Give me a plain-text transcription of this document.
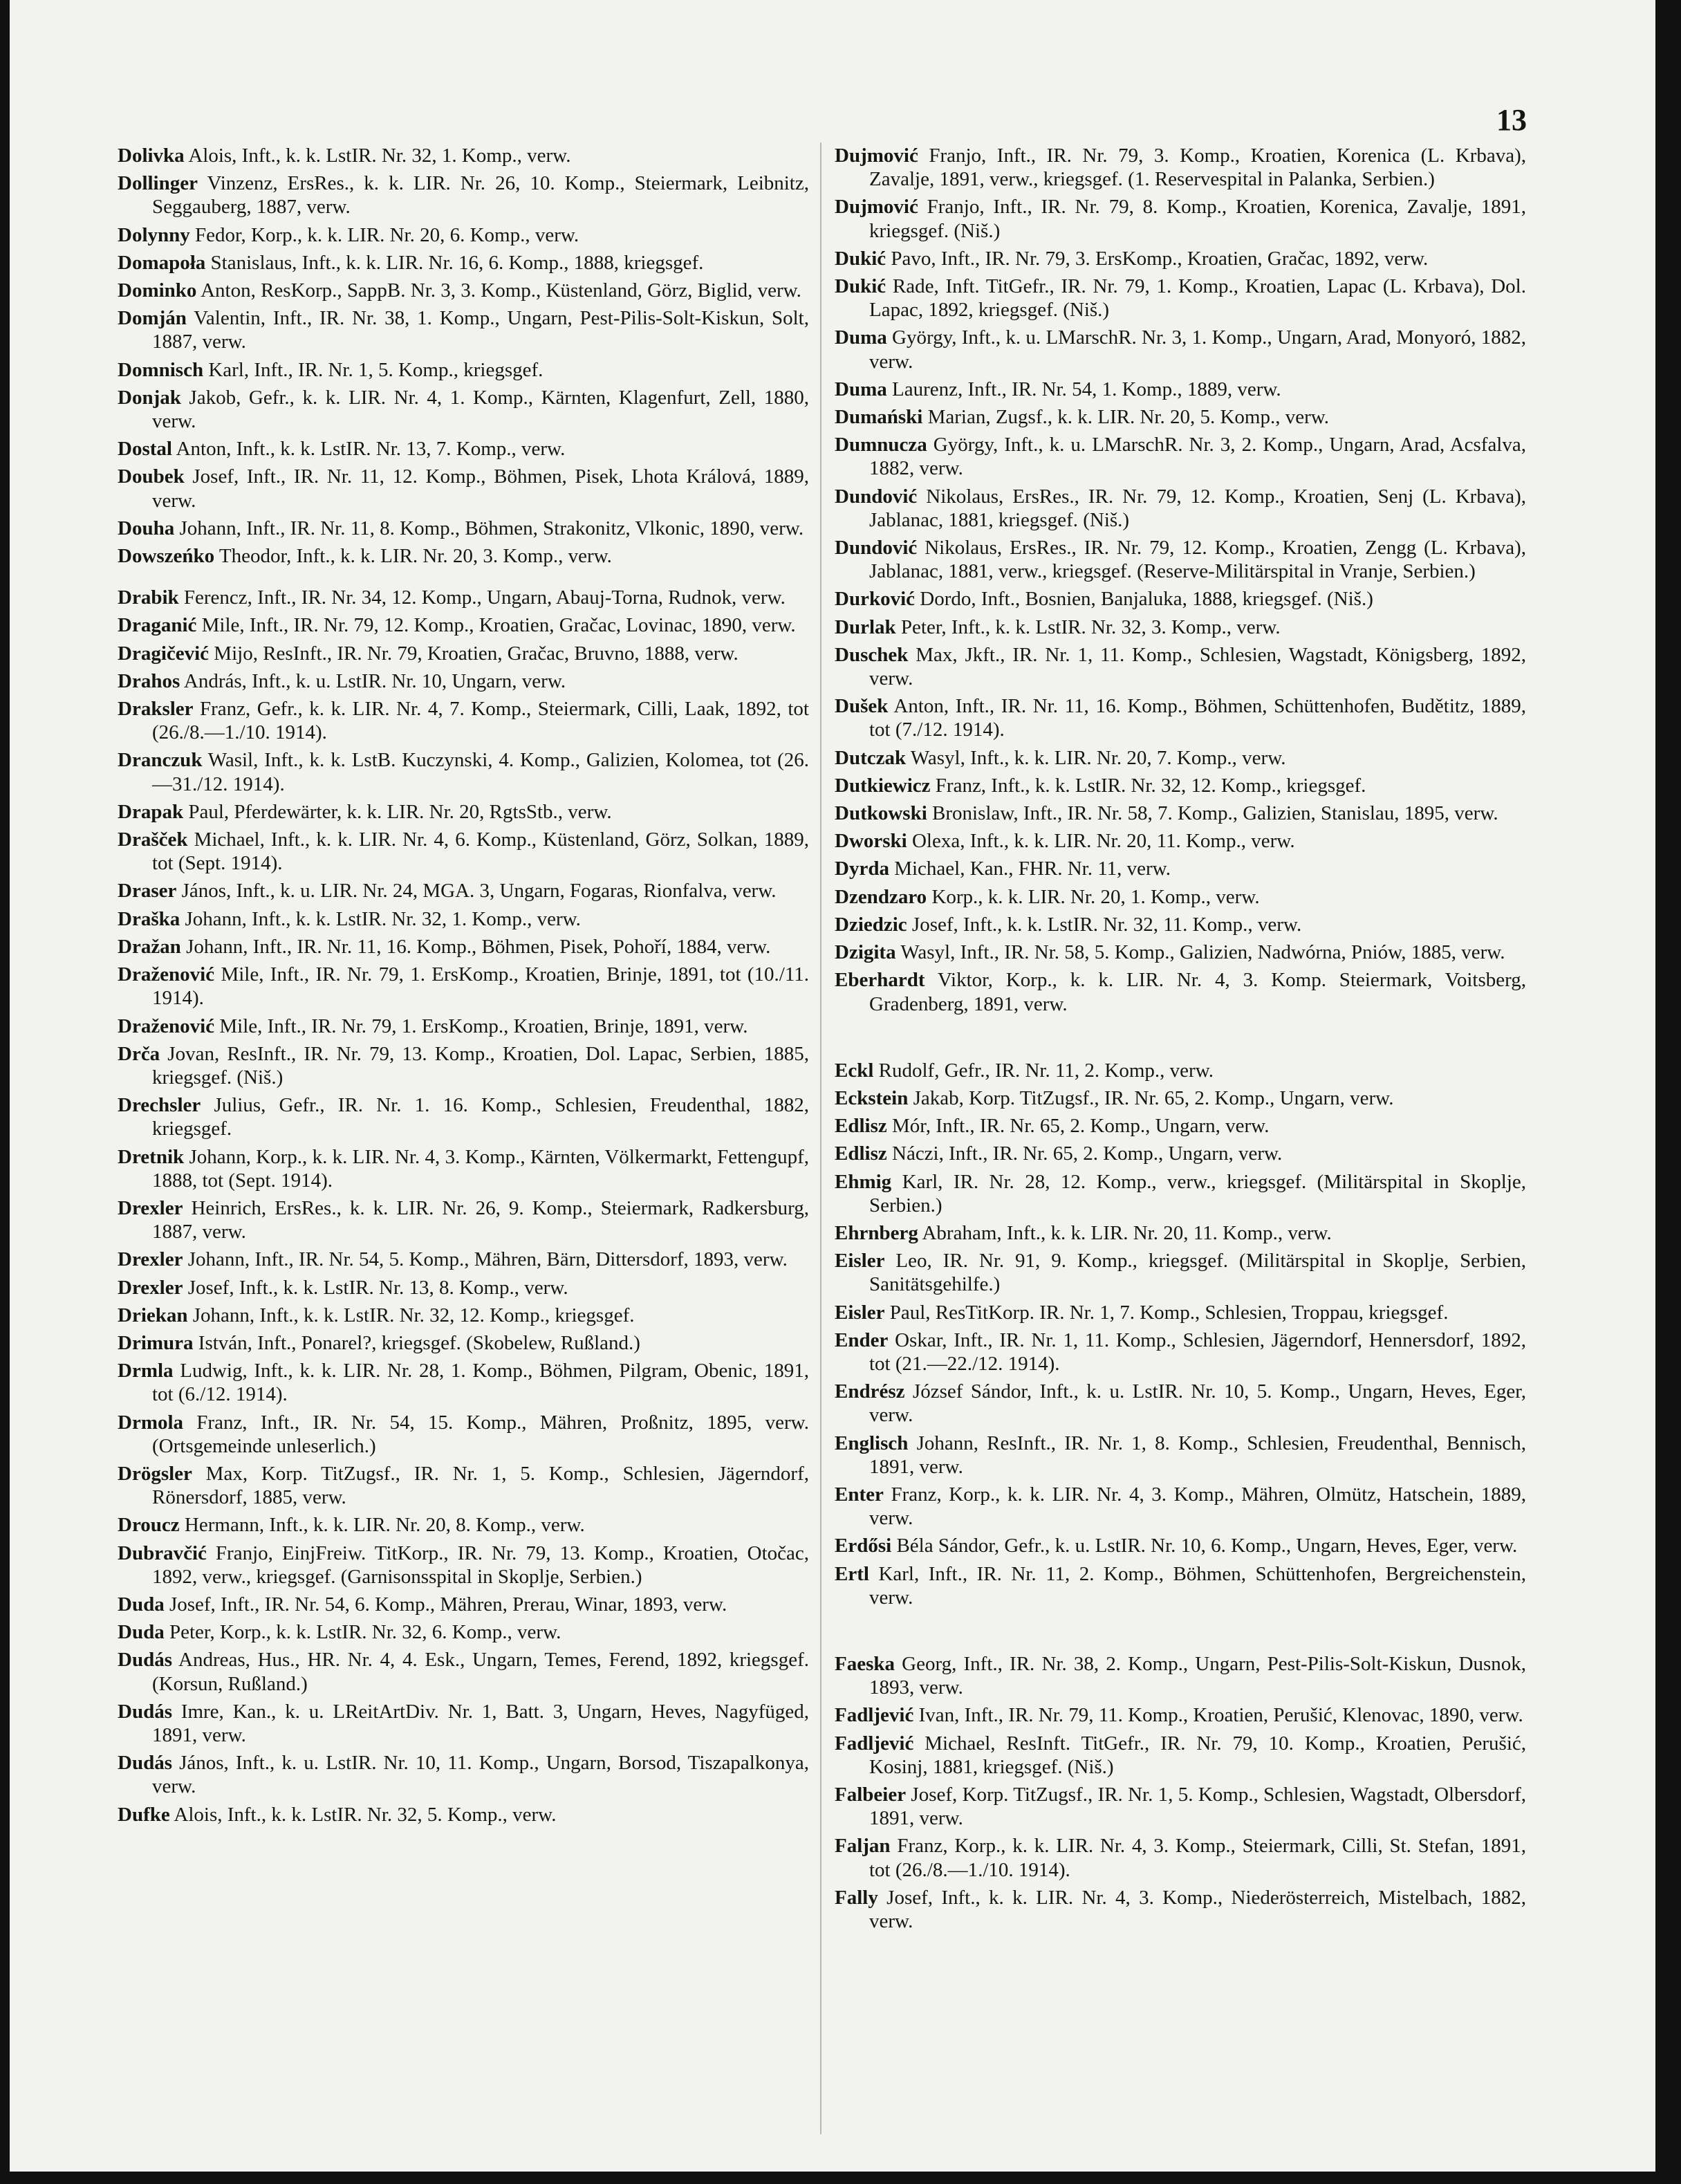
13

Dolivka Alois, Inft., k. k. LstIR. Nr. 32, 1. Komp., verw.

Dollinger Vinzenz, ErsRes., k. k. LIR. Nr. 26, 10. Komp., Steiermark, Leibnitz, Seggauberg, 1887, verw.

Dolynny Fedor, Korp., k. k. LIR. Nr. 20, 6. Komp., verw.

Domapoła Stanislaus, Inft., k. k. LIR. Nr. 16, 6. Komp., 1888, kriegsgef.

Dominko Anton, ResKorp., SappB. Nr. 3, 3. Komp., Küstenland, Görz, Biglid, verw.

Domján Valentin, Inft., IR. Nr. 38, 1. Komp., Ungarn, Pest-Pilis-Solt-Kiskun, Solt, 1887, verw.

Domnisch Karl, Inft., IR. Nr. 1, 5. Komp., kriegsgef.

Donjak Jakob, Gefr., k. k. LIR. Nr. 4, 1. Komp., Kärnten, Klagenfurt, Zell, 1880, verw.

Dostal Anton, Inft., k. k. LstIR. Nr. 13, 7. Komp., verw.

Doubek Josef, Inft., IR. Nr. 11, 12. Komp., Böhmen, Pisek, Lhota Králová, 1889, verw.

Douha Johann, Inft., IR. Nr. 11, 8. Komp., Böhmen, Strakonitz, Vlkonic, 1890, verw.

Dowszeńko Theodor, Inft., k. k. LIR. Nr. 20, 3. Komp., verw.

Drabik Ferencz, Inft., IR. Nr. 34, 12. Komp., Ungarn, Abauj-Torna, Rudnok, verw.

Draganić Mile, Inft., IR. Nr. 79, 12. Komp., Kroatien, Gračac, Lovinac, 1890, verw.

Dragičević Mijo, ResInft., IR. Nr. 79, Kroatien, Gračac, Bruvno, 1888, verw.

Drahos András, Inft., k. u. LstIR. Nr. 10, Ungarn, verw.

Draksler Franz, Gefr., k. k. LIR. Nr. 4, 7. Komp., Steiermark, Cilli, Laak, 1892, tot (26./8.—1./10. 1914).

Dranczuk Wasil, Inft., k. k. LstB. Kuczynski, 4. Komp., Galizien, Kolomea, tot (26.—31./12. 1914).

Drapak Paul, Pferdewärter, k. k. LIR. Nr. 20, RgtsStb., verw.

Drašček Michael, Inft., k. k. LIR. Nr. 4, 6. Komp., Küstenland, Görz, Solkan, 1889, tot (Sept. 1914).

Draser János, Inft., k. u. LIR. Nr. 24, MGA. 3, Ungarn, Fogaras, Rionfalva, verw.

Draška Johann, Inft., k. k. LstIR. Nr. 32, 1. Komp., verw.

Dražan Johann, Inft., IR. Nr. 11, 16. Komp., Böhmen, Pisek, Pohoří, 1884, verw.

Draženović Mile, Inft., IR. Nr. 79, 1. ErsKomp., Kroatien, Brinje, 1891, tot (10./11. 1914).

Draženović Mile, Inft., IR. Nr. 79, 1. ErsKomp., Kroatien, Brinje, 1891, verw.

Drča Jovan, ResInft., IR. Nr. 79, 13. Komp., Kroatien, Dol. Lapac, Serbien, 1885, kriegsgef. (Niš.)

Drechsler Julius, Gefr., IR. Nr. 1. 16. Komp., Schlesien, Freudenthal, 1882, kriegsgef.

Dretnik Johann, Korp., k. k. LIR. Nr. 4, 3. Komp., Kärnten, Völkermarkt, Fettengupf, 1888, tot (Sept. 1914).

Drexler Heinrich, ErsRes., k. k. LIR. Nr. 26, 9. Komp., Steiermark, Radkersburg, 1887, verw.

Drexler Johann, Inft., IR. Nr. 54, 5. Komp., Mähren, Bärn, Dittersdorf, 1893, verw.

Drexler Josef, Inft., k. k. LstIR. Nr. 13, 8. Komp., verw.

Driekan Johann, Inft., k. k. LstIR. Nr. 32, 12. Komp., kriegsgef.

Drimura István, Inft., Ponarel?, kriegsgef. (Skobelew, Rußland.)

Drmla Ludwig, Inft., k. k. LIR. Nr. 28, 1. Komp., Böhmen, Pilgram, Obenic, 1891, tot (6./12. 1914).

Drmola Franz, Inft., IR. Nr. 54, 15. Komp., Mähren, Proßnitz, 1895, verw. (Ortsgemeinde unleserlich.)

Drögsler Max, Korp. TitZugsf., IR. Nr. 1, 5. Komp., Schlesien, Jägerndorf, Rönersdorf, 1885, verw.

Droucz Hermann, Inft., k. k. LIR. Nr. 20, 8. Komp., verw.

Dubravčić Franjo, EinjFreiw. TitKorp., IR. Nr. 79, 13. Komp., Kroatien, Otočac, 1892, verw., kriegsgef. (Garnisonsspital in Skoplje, Serbien.)

Duda Josef, Inft., IR. Nr. 54, 6. Komp., Mähren, Prerau, Winar, 1893, verw.

Duda Peter, Korp., k. k. LstIR. Nr. 32, 6. Komp., verw.

Dudás Andreas, Hus., HR. Nr. 4, 4. Esk., Ungarn, Temes, Ferend, 1892, kriegsgef. (Korsun, Rußland.)

Dudás Imre, Kan., k. u. LReitArtDiv. Nr. 1, Batt. 3, Ungarn, Heves, Nagyfüged, 1891, verw.

Dudás János, Inft., k. u. LstIR. Nr. 10, 11. Komp., Ungarn, Borsod, Tiszapalkonya, verw.

Dufke Alois, Inft., k. k. LstIR. Nr. 32, 5. Komp., verw.

Dujmović Franjo, Inft., IR. Nr. 79, 3. Komp., Kroatien, Korenica (L. Krbava), Zavalje, 1891, verw., kriegsgef. (1. Reservespital in Palanka, Serbien.)

Dujmović Franjo, Inft., IR. Nr. 79, 8. Komp., Kroatien, Korenica, Zavalje, 1891, kriegsgef. (Niš.)

Dukić Pavo, Inft., IR. Nr. 79, 3. ErsKomp., Kroatien, Gračac, 1892, verw.

Dukić Rade, Inft. TitGefr., IR. Nr. 79, 1. Komp., Kroatien, Lapac (L. Krbava), Dol. Lapac, 1892, kriegsgef. (Niš.)

Duma György, Inft., k. u. LMarschR. Nr. 3, 1. Komp., Ungarn, Arad, Monyoró, 1882, verw.

Duma Laurenz, Inft., IR. Nr. 54, 1. Komp., 1889, verw.

Dumański Marian, Zugsf., k. k. LIR. Nr. 20, 5. Komp., verw.

Dumnucza György, Inft., k. u. LMarschR. Nr. 3, 2. Komp., Ungarn, Arad, Acsfalva, 1882, verw.

Dundović Nikolaus, ErsRes., IR. Nr. 79, 12. Komp., Kroatien, Senj (L. Krbava), Jablanac, 1881, kriegsgef. (Niš.)

Dundović Nikolaus, ErsRes., IR. Nr. 79, 12. Komp., Kroatien, Zengg (L. Krbava), Jablanac, 1881, verw., kriegsgef. (Reserve-Militärspital in Vranje, Serbien.)

Durković Dordo, Inft., Bosnien, Banjaluka, 1888, kriegsgef. (Niš.)

Durlak Peter, Inft., k. k. LstIR. Nr. 32, 3. Komp., verw.

Duschek Max, Jkft., IR. Nr. 1, 11. Komp., Schlesien, Wagstadt, Königsberg, 1892, verw.

Dušek Anton, Inft., IR. Nr. 11, 16. Komp., Böhmen, Schüttenhofen, Budětitz, 1889, tot (7./12. 1914).

Dutczak Wasyl, Inft., k. k. LIR. Nr. 20, 7. Komp., verw.

Dutkiewicz Franz, Inft., k. k. LstIR. Nr. 32, 12. Komp., kriegsgef.

Dutkowski Bronislaw, Inft., IR. Nr. 58, 7. Komp., Galizien, Stanislau, 1895, verw.

Dworski Olexa, Inft., k. k. LIR. Nr. 20, 11. Komp., verw.

Dyrda Michael, Kan., FHR. Nr. 11, verw.

Dzendzaro Korp., k. k. LIR. Nr. 20, 1. Komp., verw.

Dziedzic Josef, Inft., k. k. LstIR. Nr. 32, 11. Komp., verw.

Dzigita Wasyl, Inft., IR. Nr. 58, 5. Komp., Galizien, Nadwórna, Pniów, 1885, verw.

Eberhardt Viktor, Korp., k. k. LIR. Nr. 4, 3. Komp. Steiermark, Voitsberg, Gradenberg, 1891, verw.

Eckl Rudolf, Gefr., IR. Nr. 11, 2. Komp., verw.

Eckstein Jakab, Korp. TitZugsf., IR. Nr. 65, 2. Komp., Ungarn, verw.

Edlisz Mór, Inft., IR. Nr. 65, 2. Komp., Ungarn, verw.

Edlisz Náczi, Inft., IR. Nr. 65, 2. Komp., Ungarn, verw.

Ehmig Karl, IR. Nr. 28, 12. Komp., verw., kriegsgef. (Militärspital in Skoplje, Serbien.)

Ehrnberg Abraham, Inft., k. k. LIR. Nr. 20, 11. Komp., verw.

Eisler Leo, IR. Nr. 91, 9. Komp., kriegsgef. (Militärspital in Skoplje, Serbien, Sanitätsgehilfe.)

Eisler Paul, ResTitKorp. IR. Nr. 1, 7. Komp., Schlesien, Troppau, kriegsgef.

Ender Oskar, Inft., IR. Nr. 1, 11. Komp., Schlesien, Jägerndorf, Hennersdorf, 1892, tot (21.—22./12. 1914).

Endrész József Sándor, Inft., k. u. LstIR. Nr. 10, 5. Komp., Ungarn, Heves, Eger, verw.

Englisch Johann, ResInft., IR. Nr. 1, 8. Komp., Schlesien, Freudenthal, Bennisch, 1891, verw.

Enter Franz, Korp., k. k. LIR. Nr. 4, 3. Komp., Mähren, Olmütz, Hatschein, 1889, verw.

Erdősi Béla Sándor, Gefr., k. u. LstIR. Nr. 10, 6. Komp., Ungarn, Heves, Eger, verw.

Ertl Karl, Inft., IR. Nr. 11, 2. Komp., Böhmen, Schüttenhofen, Bergreichenstein, verw.

Faeska Georg, Inft., IR. Nr. 38, 2. Komp., Ungarn, Pest-Pilis-Solt-Kiskun, Dusnok, 1893, verw.

Fadljević Ivan, Inft., IR. Nr. 79, 11. Komp., Kroatien, Perušić, Klenovac, 1890, verw.

Fadljević Michael, ResInft. TitGefr., IR. Nr. 79, 10. Komp., Kroatien, Perušić, Kosinj, 1881, kriegsgef. (Niš.)

Falbeier Josef, Korp. TitZugsf., IR. Nr. 1, 5. Komp., Schlesien, Wagstadt, Olbersdorf, 1891, verw.

Faljan Franz, Korp., k. k. LIR. Nr. 4, 3. Komp., Steiermark, Cilli, St. Stefan, 1891, tot (26./8.—1./10. 1914).

Fally Josef, Inft., k. k. LIR. Nr. 4, 3. Komp., Niederösterreich, Mistelbach, 1882, verw.
